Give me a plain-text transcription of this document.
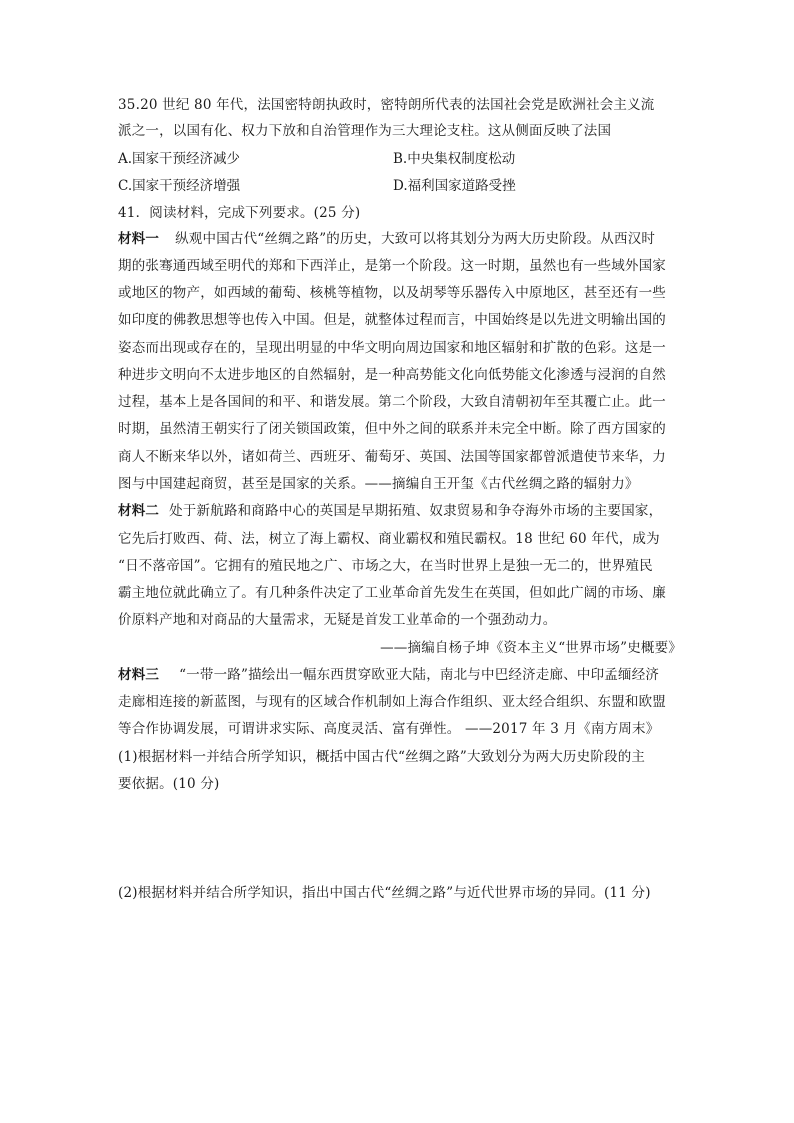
35.20 世纪 80 年代，法国密特朗执政时，密特朗所代表的法国社会党是欧洲社会主义流
派之一，以国有化、权力下放和自治管理作为三大理论支柱。这从侧面反映了法国
A.国家干预经济减少	B.中央集权制度松动
C.国家干预经济增强	D.福利国家道路受挫
41．阅读材料，完成下列要求。(25 分)
材料一 纵观中国古代“丝绸之路”的历史，大致可以将其划分为两大历史阶段。从西汉时
期的张骞通西域至明代的郑和下西洋止，是第一个阶段。这一时期，虽然也有一些域外国家
或地区的物产，如西域的葡萄、核桃等植物，以及胡琴等乐器传入中原地区，甚至还有一些
如印度的佛教思想等也传入中国。但是，就整体过程而言，中国始终是以先进文明输出国的
姿态而出现或存在的，呈现出明显的中华文明向周边国家和地区辐射和扩散的色彩。这是一
种进步文明向不太进步地区的自然辐射，是一种高势能文化向低势能文化渗透与浸润的自然
过程，基本上是各国间的和平、和谐发展。第二个阶段，大致自清朝初年至其覆亡止。此一
时期，虽然清王朝实行了闭关锁国政策，但中外之间的联系并未完全中断。除了西方国家的
商人不断来华以外，诸如荷兰、西班牙、葡萄牙、英国、法国等国家都曾派遣使节来华，力
图与中国建起商贸，甚至是国家的关系。——摘编自王开玺《古代丝绸之路的辐射力》
材料二 处于新航路和商路中心的英国是早期拓殖、奴隶贸易和争夺海外市场的主要国家，
它先后打败西、荷、法，树立了海上霸权、商业霸权和殖民霸权。18 世纪 60 年代，成为
“日不落帝国”。它拥有的殖民地之广、市场之大，在当时世界上是独一无二的，世界殖民
霸主地位就此确立了。有几种条件决定了工业革命首先发生在英国，但如此广阔的市场、廉
价原料产地和对商品的大量需求，无疑是首发工业革命的一个强劲动力。
——摘编自杨子坤《资本主义“世界市场”史概要》
材料三 “一带一路”描绘出一幅东西贯穿欧亚大陆，南北与中巴经济走廊、中印孟缅经济
走廊相连接的新蓝图，与现有的区域合作机制如上海合作组织、亚太经合组织、东盟和欧盟
等合作协调发展，可谓讲求实际、高度灵活、富有弹性。 ——2017 年 3 月《南方周末》
(1)根据材料一并结合所学知识，概括中国古代“丝绸之路”大致划分为两大历史阶段的主
要依据。(10 分)
(2)根据材料并结合所学知识，指出中国古代“丝绸之路”与近代世界市场的异同。(11 分)
